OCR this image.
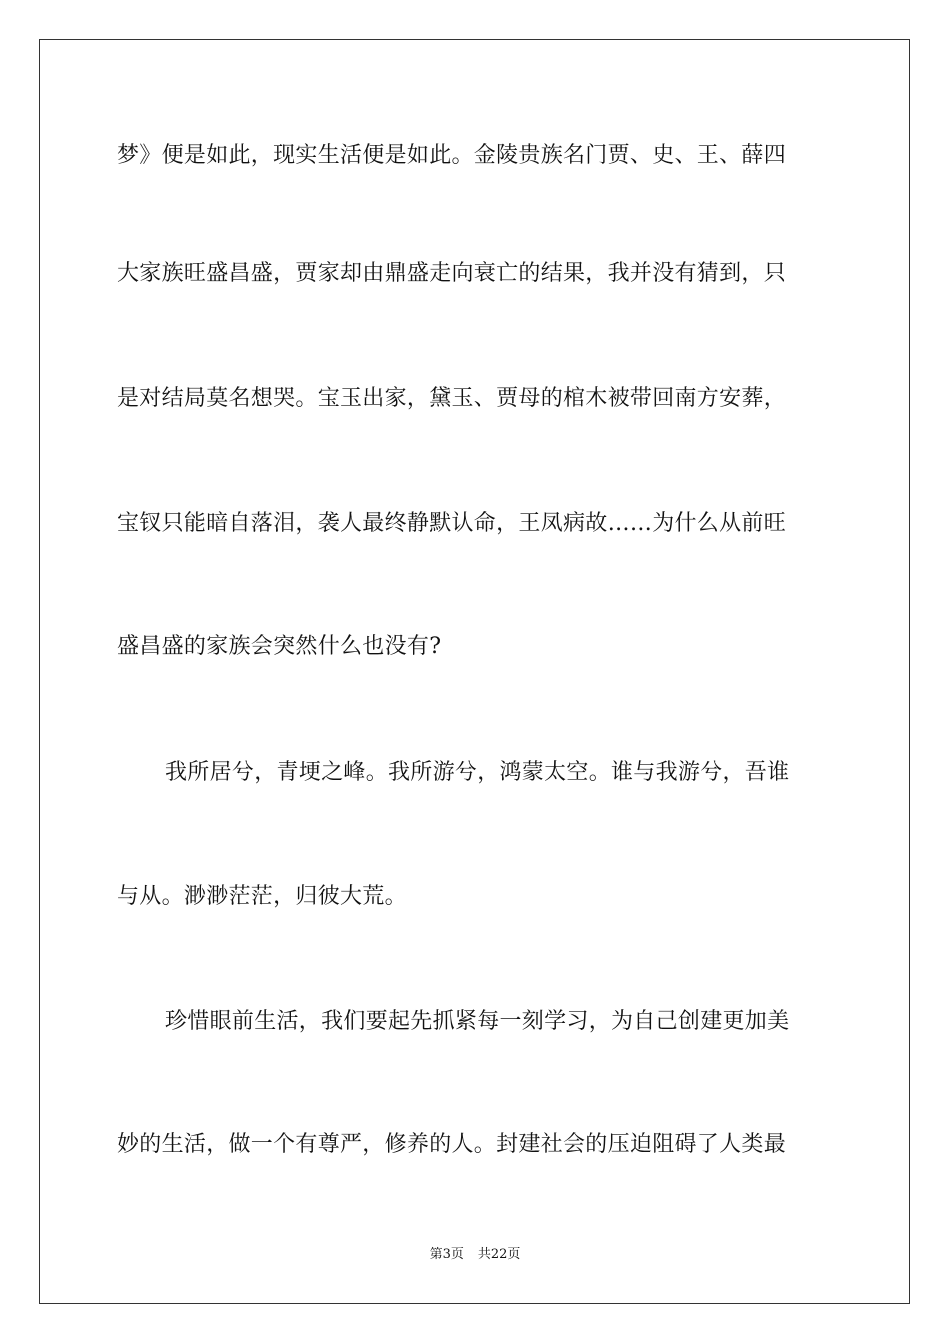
梦》便是如此，现实生活便是如此。金陵贵族名门贾、史、王、薛四
大家族旺盛昌盛，贾家却由鼎盛走向衰亡的结果，我并没有猜到，只
是对结局莫名想哭。宝玉出家，黛玉、贾母的棺木被带回南方安葬，
宝钗只能暗自落泪，袭人最终静默认命，王凤病故……为什么从前旺
盛昌盛的家族会突然什么也没有?
我所居兮，青埂之峰。我所游兮，鸿蒙太空。谁与我游兮，吾谁
与从。渺渺茫茫，归彼大荒。
珍惜眼前生活，我们要起先抓紧每一刻学习，为自己创建更加美
妙的生活，做一个有尊严，修养的人。封建社会的压迫阻碍了人类最
第3页 共22页
